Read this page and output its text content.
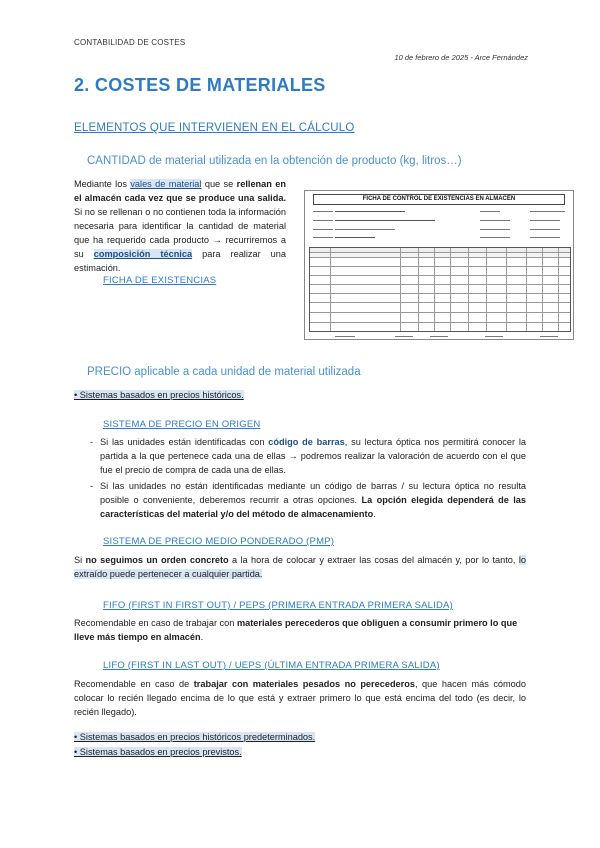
CONTABILIDAD DE COSTES
10 de febrero de 2025 - Arce Fernández
2. COSTES DE MATERIALES
ELEMENTOS QUE INTERVIENEN EN EL CÁLCULO
CANTIDAD de material utilizada en la obtención de producto (kg, litros…)
Mediante los vales de material que se rellenan en el almacén cada vez que se produce una salida. Si no se rellenan o no contienen toda la información necesaria para identificar la cantidad de material que ha requerido cada producto → recurriremos a su composición técnica para realizar una estimación.
FICHA DE EXISTENCIAS
FICHA DE CONTROL DE EXISTENCIAS EN ALMACÉN
PRECIO aplicable a cada unidad de material utilizada
• Sistemas basados en precios históricos.
SISTEMA DE PRECIO EN ORIGEN
- Si las unidades están identificadas con código de barras, su lectura óptica nos permitirá conocer la partida a la que pertenece cada una de ellas → podremos realizar la valoración de acuerdo con el que fue el precio de compra de cada una de ellas.
- Si las unidades no están identificadas mediante un código de barras / su lectura óptica no resulta posible o conveniente, deberemos recurrir a otras opciones. La opción elegida dependerá de las características del material y/o del método de almacenamiento.
SISTEMA DE PRECIO MEDIO PONDERADO (PMP)
Si no seguimos un orden concreto a la hora de colocar y extraer las cosas del almacén y, por lo tanto, lo extraído puede pertenecer a cualquier partida.
FIFO (FIRST IN FIRST OUT) / PEPS (PRIMERA ENTRADA PRIMERA SALIDA)
Recomendable en caso de trabajar con materiales perecederos que obliguen a consumir primero lo que lleve más tiempo en almacén.
LIFO (FIRST IN LAST OUT) / UEPS (ÚLTIMA ENTRADA PRIMERA SALIDA)
Recomendable en caso de trabajar con materiales pesados no perecederos, que hacen más cómodo colocar lo recién llegado encima de lo que está y extraer primero lo que está encima del todo (es decir, lo recién llegado).
• Sistemas basados en precios históricos predeterminados.
• Sistemas basados en precios previstos.
